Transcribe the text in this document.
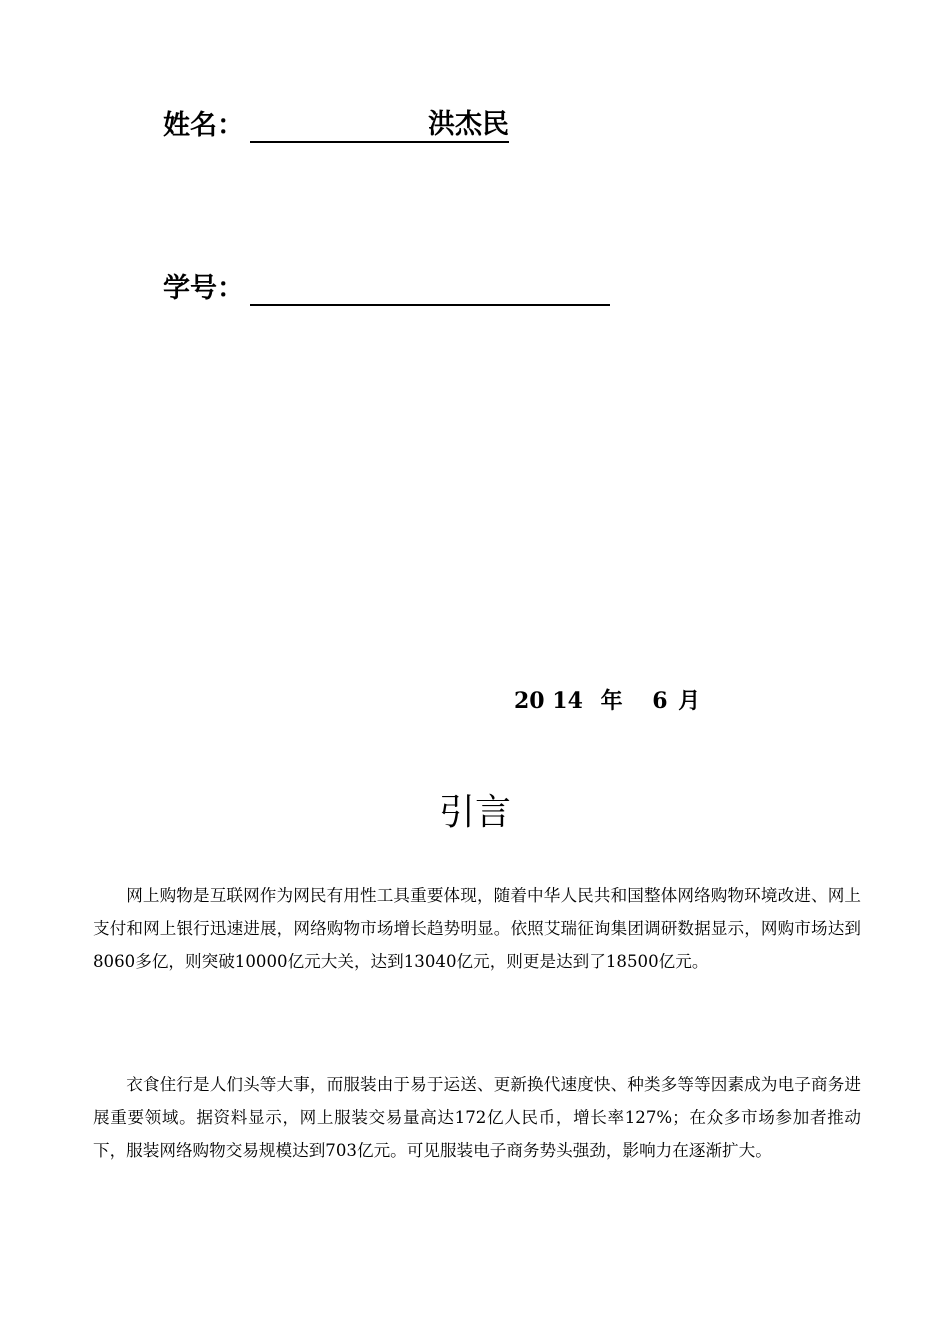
姓名：	洪杰民
学号：
20 14 年 6 月
引言

网上购物是互联网作为网民有用性工具重要体现，随着中华人民共和国整体网络购物环境改进、网上支付和网上银行迅速进展，网络购物市场增长趋势明显。依照艾瑞征询集团调研数据显示，网购市场达到8060多亿，则突破10000亿元大关，达到13040亿元，则更是达到了18500亿元。

衣食住行是人们头等大事，而服装由于易于运送、更新换代速度快、种类多等等因素成为电子商务进展重要领域。据资料显示，网上服装交易量高达172亿人民币，增长率127%；在众多市场参加者推动下，服装网络购物交易规模达到703亿元。可见服装电子商务势头强劲，影响力在逐渐扩大。
